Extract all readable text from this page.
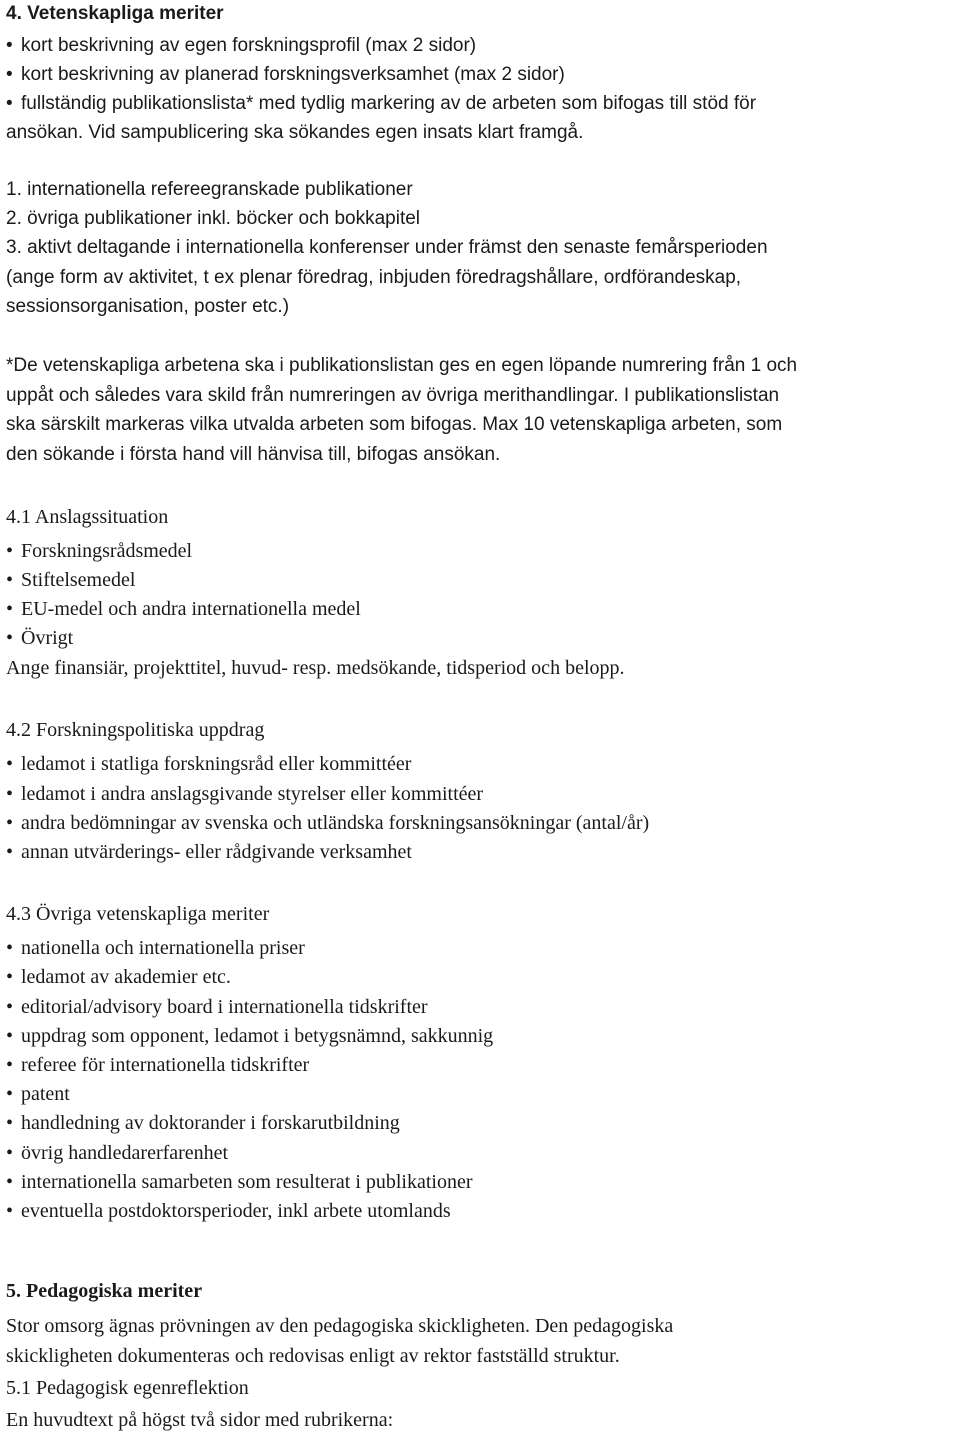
4. Vetenskapliga meriter
• kort beskrivning av egen forskningsprofil (max 2 sidor)
• kort beskrivning av planerad forskningsverksamhet (max 2 sidor)
• fullständig publikationslista* med tydlig markering av de arbeten som bifogas till stöd för
ansökan. Vid sampublicering ska sökandes egen insats klart framgå.
1. internationella refereegranskade publikationer
2. övriga publikationer inkl. böcker och bokkapitel
3. aktivt deltagande i internationella konferenser under främst den senaste femårsperioden
(ange form av aktivitet, t ex plenar föredrag, inbjuden föredragshållare, ordförandeskap,
sessionsorganisation, poster etc.)
*De vetenskapliga arbetena ska i publikationslistan ges en egen löpande numrering från 1 och
uppåt och således vara skild från numreringen av övriga merithandlingar. I publikationslistan
ska särskilt markeras vilka utvalda arbeten som bifogas. Max 10 vetenskapliga arbeten, som
den sökande i första hand vill hänvisa till, bifogas ansökan.
4.1 Anslagssituation
• Forskningsrådsmedel
• Stiftelsemedel
• EU-medel och andra internationella medel
• Övrigt
Ange finansiär, projekttitel, huvud- resp. medsökande, tidsperiod och belopp.
4.2 Forskningspolitiska uppdrag
• ledamot i statliga forskningsråd eller kommittéer
• ledamot i andra anslagsgivande styrelser eller kommittéer
• andra bedömningar av svenska och utländska forskningsansökningar (antal/år)
• annan utvärderings- eller rådgivande verksamhet
4.3 Övriga vetenskapliga meriter
• nationella och internationella priser
• ledamot av akademier etc.
• editorial/advisory board i internationella tidskrifter
• uppdrag som opponent, ledamot i betygsnämnd, sakkunnig
• referee för internationella tidskrifter
• patent
• handledning av doktorander i forskarutbildning
• övrig handledarerfarenhet
• internationella samarbeten som resulterat i publikationer
• eventuella postdoktorsperioder, inkl arbete utomlands
5. Pedagogiska meriter
Stor omsorg ägnas prövningen av den pedagogiska skickligheten. Den pedagogiska
skickligheten dokumenteras och redovisas enligt av rektor fastställd struktur.
5.1 Pedagogisk egenreflektion
En huvudtext på högst två sidor med rubrikerna:
